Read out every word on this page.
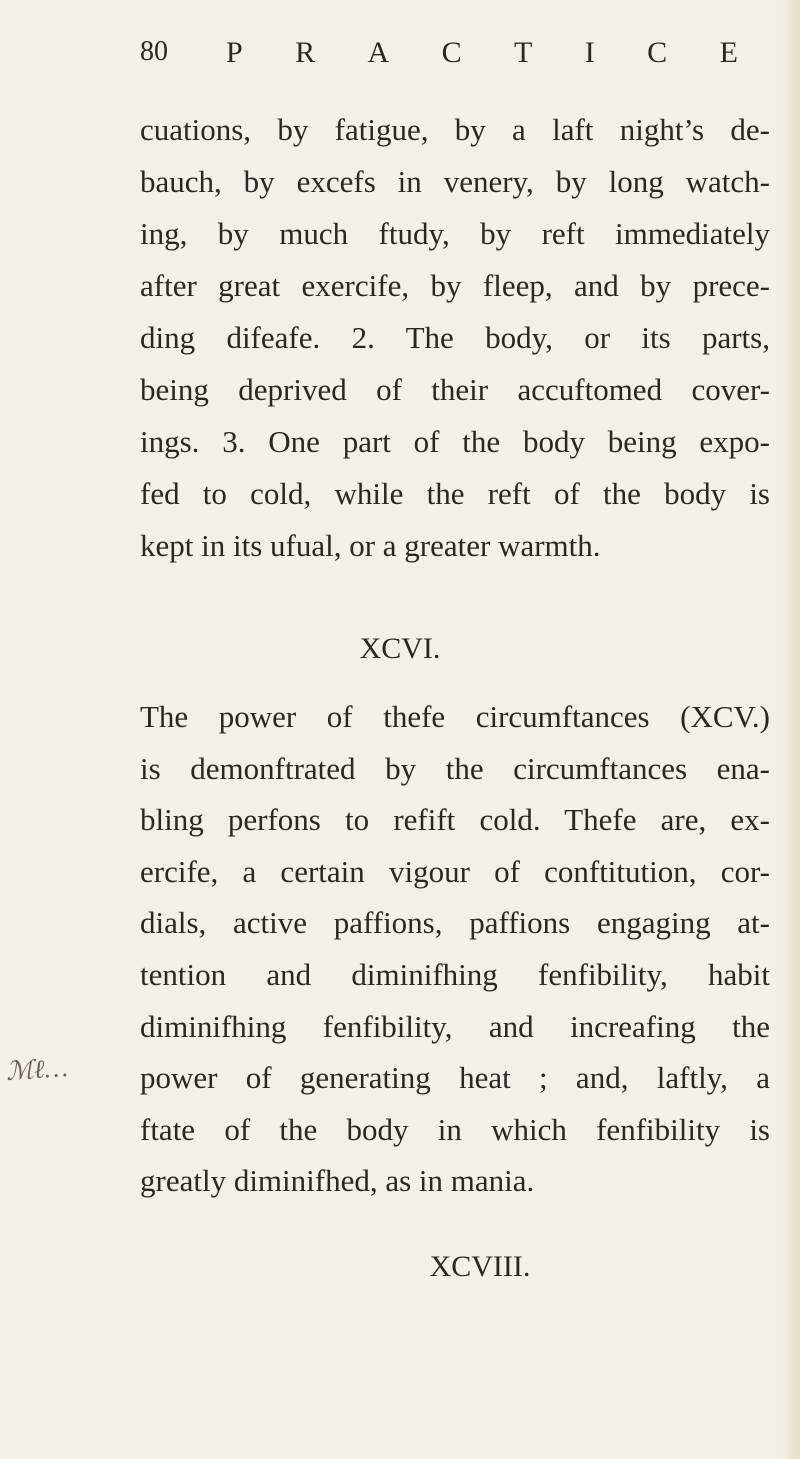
80 P R A C T I C E
cuations, by fatigue, by a laft night’s de-
bauch, by excefs in venery, by long watch-
ing, by much ftudy, by reft immediately
after great exercife, by fleep, and by prece-
ding difeafe. 2. The body, or its parts,
being deprived of their accuftomed cover-
ings. 3. One part of the body being expo-
fed to cold, while the reft of the body is
kept in its ufual, or a greater warmth.
XCVI.
The power of thefe circumftances (XCV.)
is demonftrated by the circumftances ena-
bling perfons to refift cold. Thefe are, ex-
ercife, a certain vigour of conftitution, cor-
dials, active paffions, paffions engaging at-
tention and diminifhing fenfibility, habit
diminifhing fenfibility, and increafing the
power of generating heat ; and, laftly, a
ftate of the body in which fenfibility is
greatly diminifhed, as in mania.
ℳℓ…
XCVIII.
